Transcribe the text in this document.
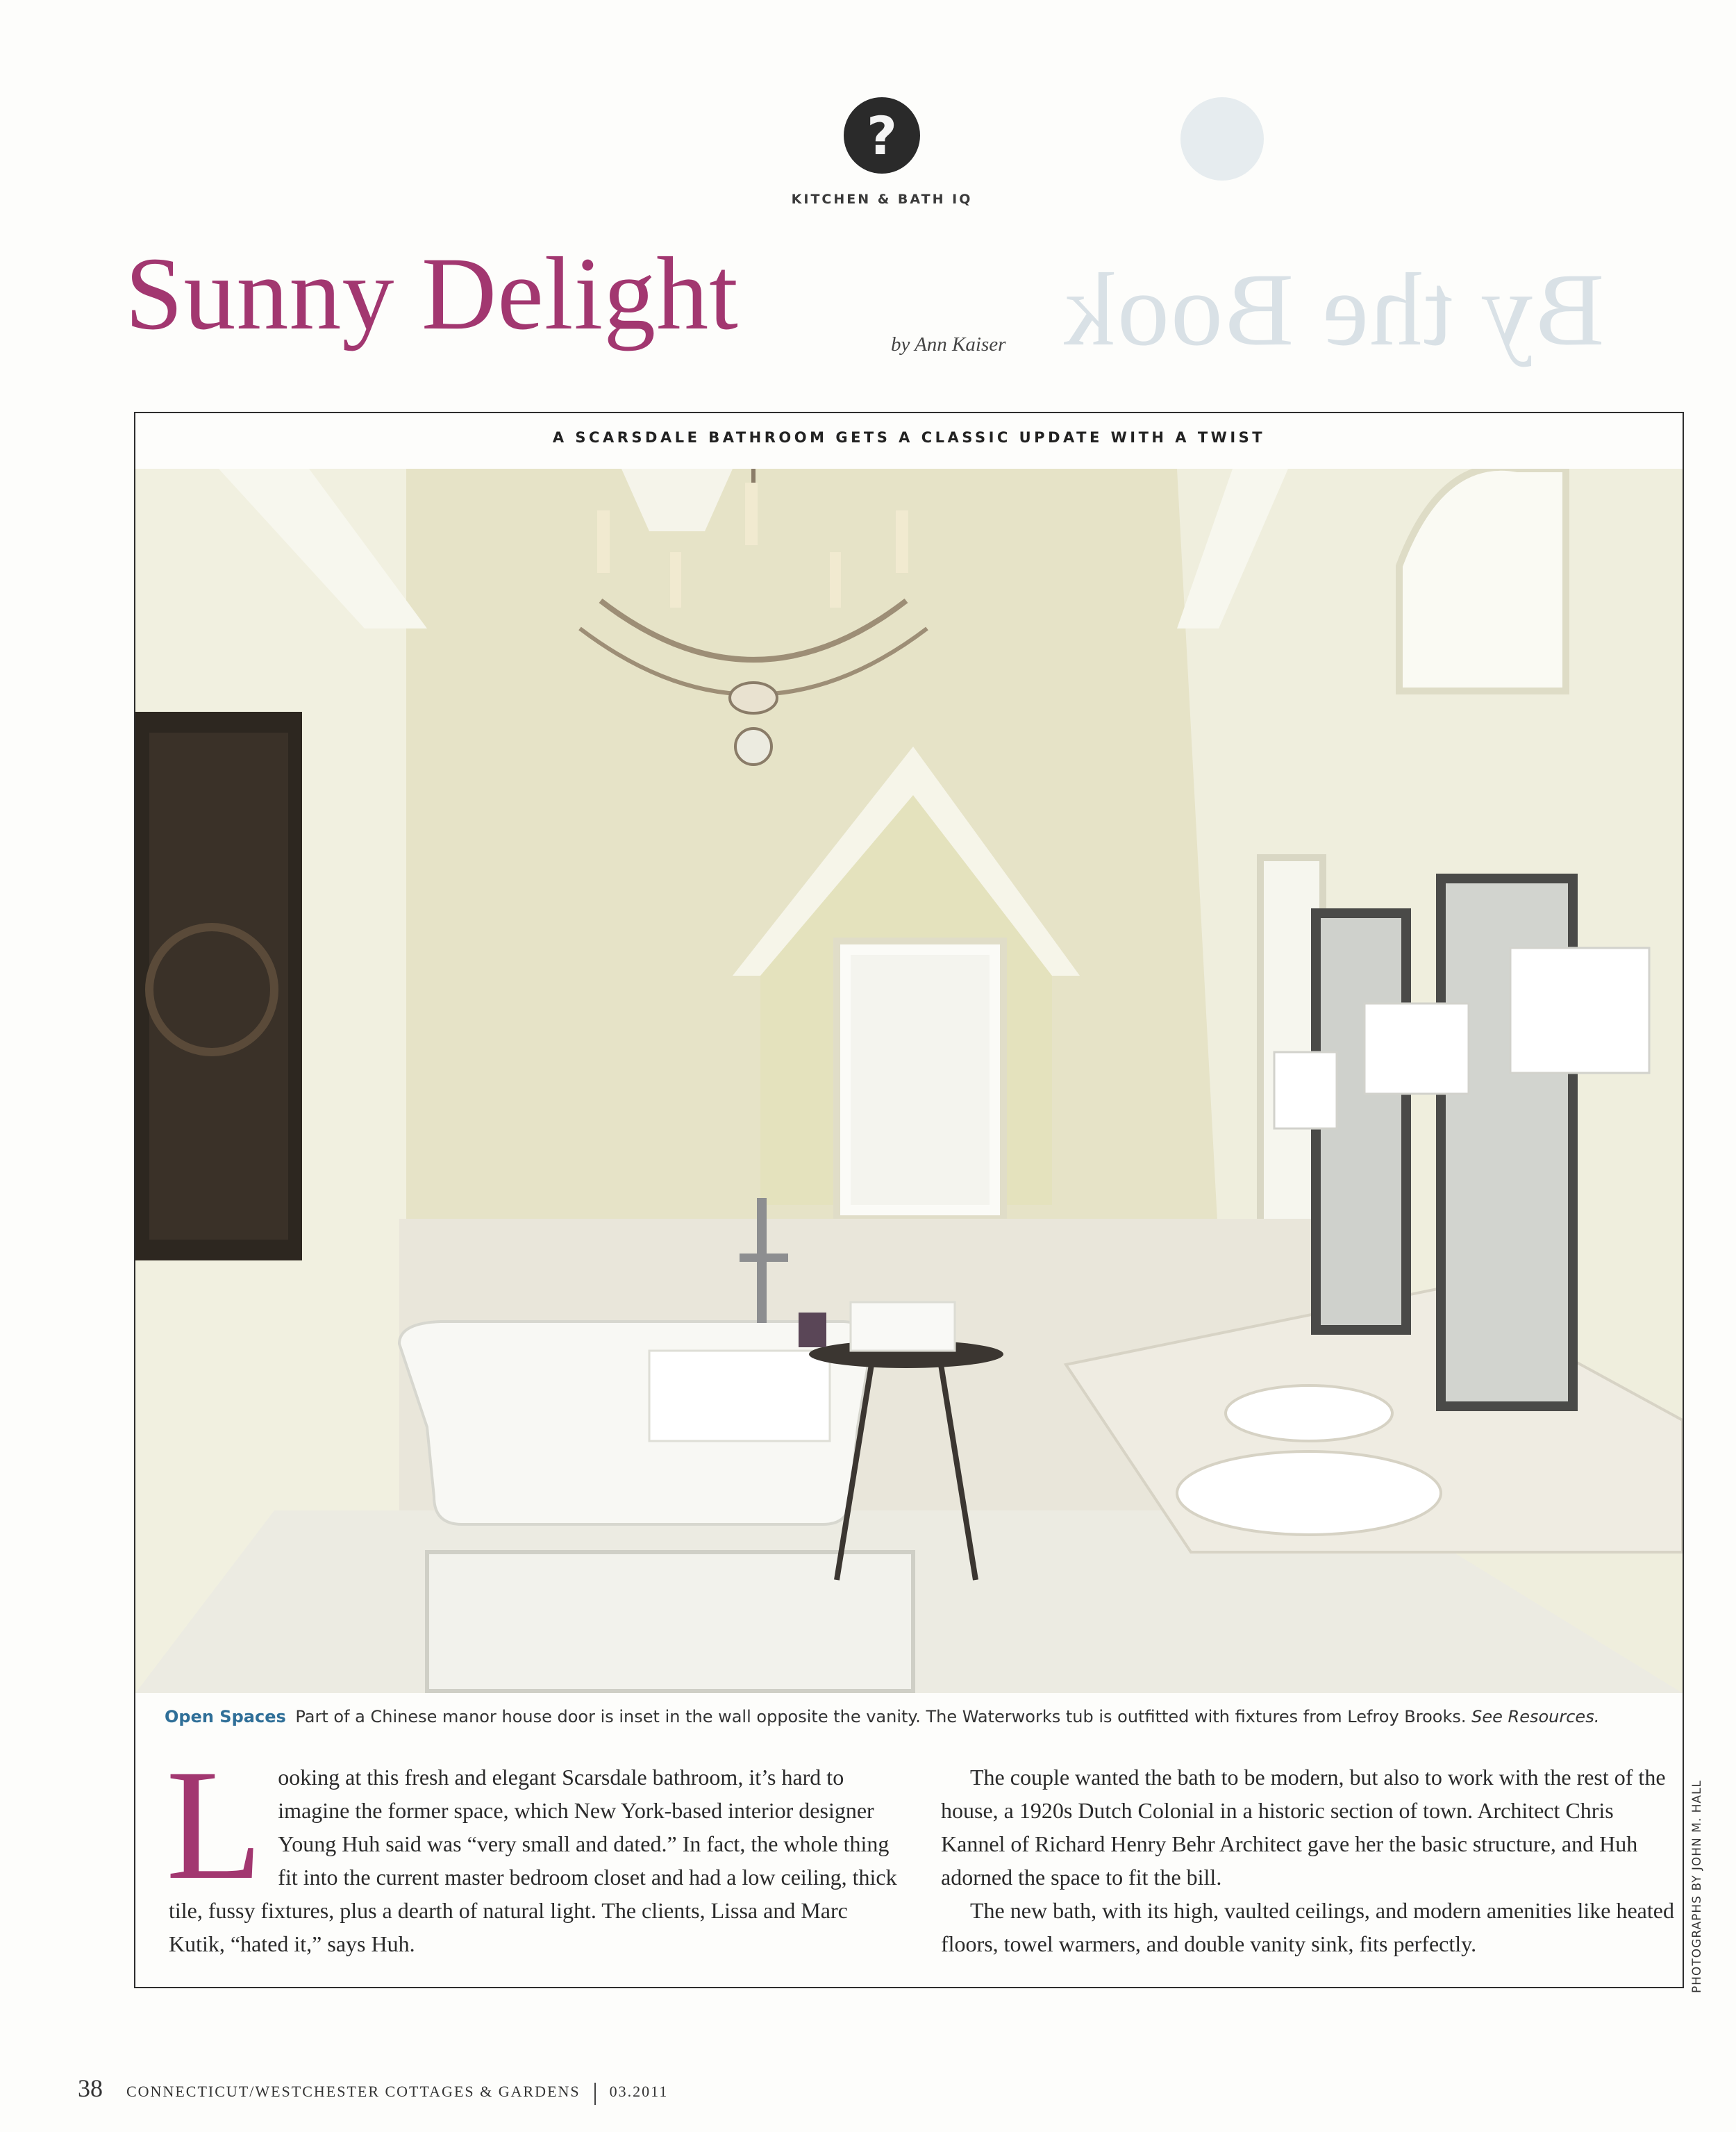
By the Book
?
KITCHEN & BATH IQ
Sunny Delight	by Ann Kaiser
A SCARSDALE BATHROOM GETS A CLASSIC UPDATE WITH A TWIST
Open Spaces Part of a Chinese manor house door is inset in the wall opposite the vanity. The Waterworks tub is outfitted with fixtures from Lefroy Brooks. See Resources.
L ooking at this fresh and elegant Scarsdale bathroom, it’s hard to imagine the former space, which New York-based interior designer Young Huh said was “very small and dated.” In fact, the whole thing fit into the current master bedroom closet and had a low ceiling, thick tile, fussy fixtures, plus a dearth of natural light. The clients, Lissa and Marc Kutik, “hated it,” says Huh.

The couple wanted the bath to be modern, but also to work with the rest of the house, a 1920s Dutch Colonial in a historic section of town. Architect Chris Kannel of Richard Henry Behr Architect gave her the basic structure, and Huh adorned the space to fit the bill.

The new bath, with its high, vaulted ceilings, and modern amenities like heated floors, towel warmers, and double vanity sink, fits perfectly.	PHOTOGRAPHS BY JOHN M. HALL
38 CONNECTICUT/WESTCHESTER COTTAGES & GARDENS 03.2011
